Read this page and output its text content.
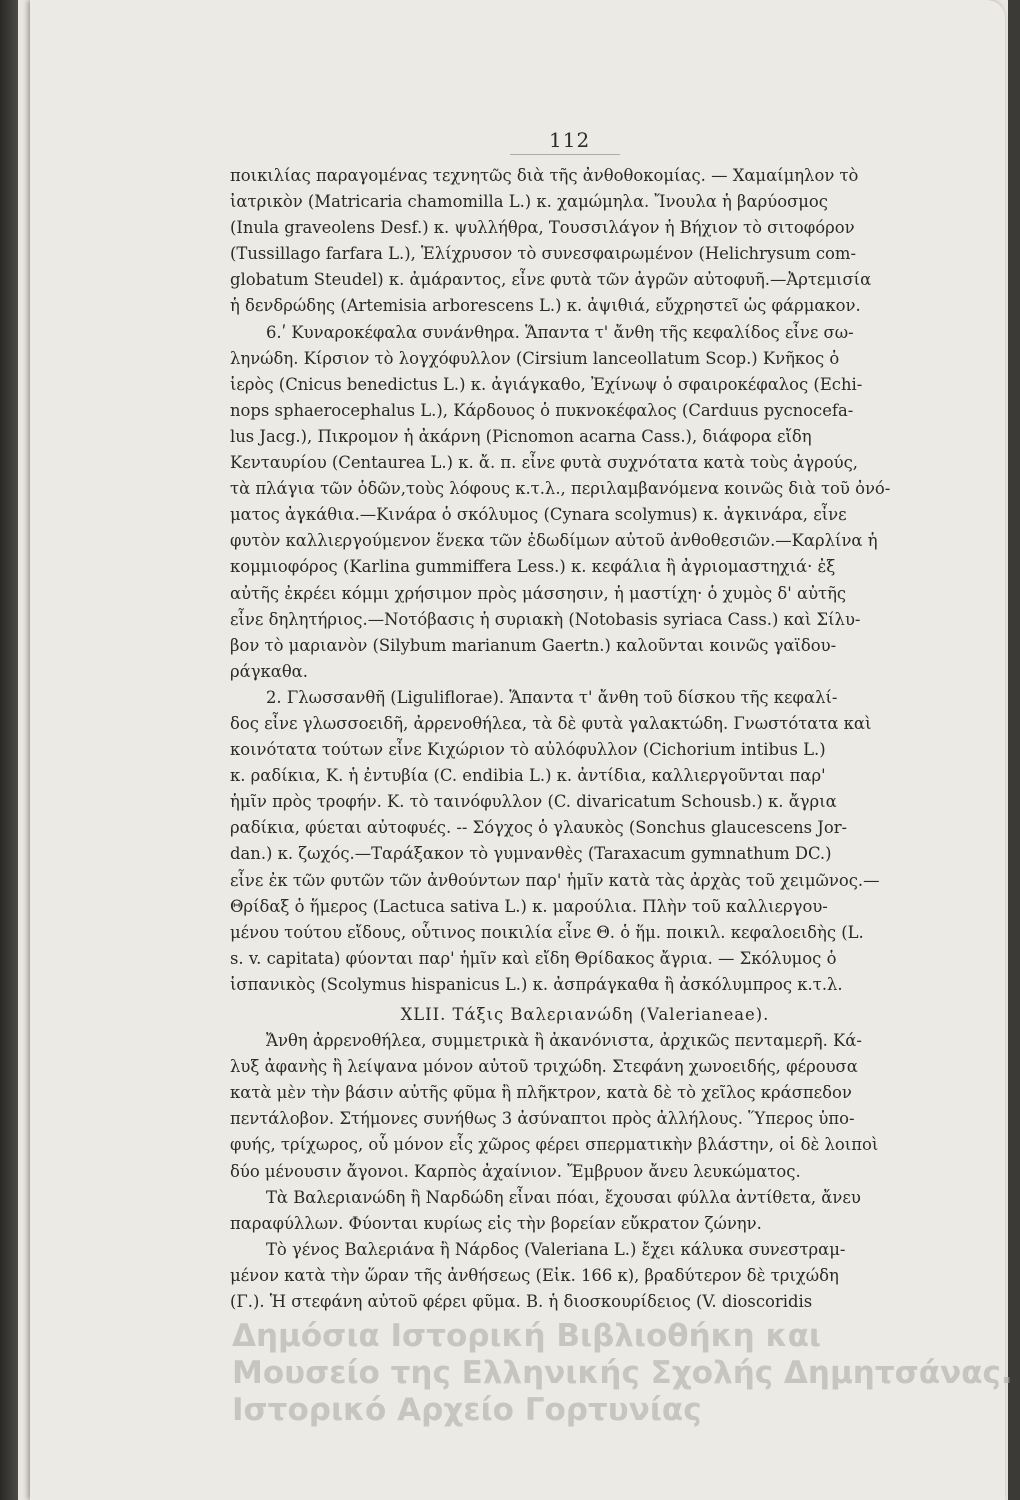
112
ποικιλίας παραγομένας τεχνητῶς διὰ τῆς ἀνθοθοκομίας. — Χαμαίμηλον τὸ
ἰατρικὸν (Matricaria chamomilla L.) κ. χαμώμηλα. Ἴνουλα ἡ βαρύοσμος
(Inula graveolens Desf.) κ. ψυλλήθρα, Τουσσιλάγον ἡ Βήχιον τὸ σιτοφόρον
(Tussillago farfara L.), Ἑλίχρυσον τὸ συνεσφαιρωμένον (Helichrysum com-
globatum Steudel) κ. ἀμάραντος, εἶνε φυτὰ τῶν ἀγρῶν αὐτοφυῆ.—Ἀρτεμισία
ἡ δενδρώδης (Artemisia arborescens L.) κ. ἀψιθιά, εὔχρηστεῖ ὡς φάρμακον.
6.ʹ Κυναροκέφαλα συνάνθηρα. Ἅπαντα τ' ἄνθη τῆς κεφαλίδος εἶνε σω-
ληνώδη. Κίρσιον τὸ λογχόφυλλον (Cirsium lanceollatum Scop.) Κνῆκος ὁ
ἱερὸς (Cnicus benedictus L.) κ. ἀγιάγκαθο, Ἐχίνωψ ὁ σφαιροκέφαλος (Echi-
nops sphaerocephalus L.), Κάρδουος ὁ πυκνοκέφαλος (Carduus pycnocefa-
lus Jacg.), Πικρομον ἡ ἀκάρνη (Picnomon acarna Cass.), διάφορα εἴδη
Κενταυρίου (Centaurea L.) κ. ἄ. π. εἶνε φυτὰ συχνότατα κατὰ τοὺς ἀγρούς,
τὰ πλάγια τῶν ὁδῶν,τοὺς λόφους κ.τ.λ., περιλαμβανόμενα κοινῶς διὰ τοῦ ὀνό-
ματος ἀγκάθια.—Κινάρα ὁ σκόλυμος (Cynara scolymus) κ. ἀγκινάρα, εἶνε
φυτὸν καλλιεργούμενον ἕνεκα τῶν ἐδωδίμων αὐτοῦ ἀνθοθεσιῶν.—Καρλίνα ἡ
κομμιοφόρος (Karlina gummiffera Less.) κ. κεφάλια ἢ ἀγριομαστηχιά· ἐξ
αὐτῆς ἐκρέει κόμμι χρήσιμον πρὸς μάσσησιν, ἡ μαστίχη· ὁ χυμὸς δ' αὐτῆς
εἶνε δηλητήριος.—Νοτόβασις ἡ συριακὴ (Notobasis syriaca Cass.) καὶ Σίλυ-
βον τὸ μαριανὸν (Silybum marianum Gaertn.) καλοῦνται κοινῶς γαϊδου-
ράγκαθα.
2. Γλωσσανθῆ (Liguliflorae). Ἅπαντα τ' ἄνθη τοῦ δίσκου τῆς κεφαλί-
δος εἶνε γλωσσοειδῆ, ἀρρενοθήλεα, τὰ δὲ φυτὰ γαλακτώδη. Γνωστότατα καὶ
κοινότατα τούτων εἶνε Κιχώριον τὸ αὐλόφυλλον (Cichorium intibus L.)
κ. ραδίκια, Κ. ἡ ἐντυβία (C. endibia L.) κ. ἀντίδια, καλλιεργοῦνται παρ'
ἡμῖν πρὸς τροφήν. Κ. τὸ ταινόφυλλον (C. divaricatum Schousb.) κ. ἄγρια
ραδίκια, φύεται αὐτοφυές. -- Σόγχος ὁ γλαυκὸς (Sonchus glaucescens Jor-
dan.) κ. ζωχός.—Ταράξακον τὸ γυμνανθὲς (Taraxacum gymnathum DC.)
εἶνε ἐκ τῶν φυτῶν τῶν ἀνθούντων παρ' ἡμῖν κατὰ τὰς ἀρχὰς τοῦ χειμῶνος.—
Θρίδαξ ὁ ἥμερος (Lactuca sativa L.) κ. μαρούλια. Πλὴν τοῦ καλλιεργου-
μένου τούτου εἴδους, οὗτινος ποικιλία εἶνε Θ. ὁ ἥμ. ποικιλ. κεφαλοειδὴς (L.
s. v. capitata) φύονται παρ' ἡμῖν καὶ εἴδη Θρίδακος ἄγρια. — Σκόλυμος ὁ
ἱσπανικὸς (Scolymus hispanicus L.) κ. ἀσπράγκαθα ἢ ἀσκόλυμπρος κ.τ.λ.
XLII. Τάξις Βαλεριανώδη (Valerianeae).
Ἄνθη ἀρρενοθήλεα, συμμετρικὰ ἢ ἀκανόνιστα, ἀρχικῶς πενταμερῆ. Κά-
λυξ ἀφανὴς ἢ λείψανα μόνον αὐτοῦ τριχώδη. Στεφάνη χωνοειδής, φέρουσα
κατὰ μὲν τὴν βάσιν αὐτῆς φῦμα ἢ πλῆκτρον, κατὰ δὲ τὸ χεῖλος κράσπεδον
πεντάλοβον. Στήμονες συνήθως 3 ἀσύναπτοι πρὸς ἀλλήλους. Ὕπερος ὑπο-
φυής, τρίχωρος, οὗ μόνον εἷς χῶρος φέρει σπερματικὴν βλάστην, οἱ δὲ λοιποὶ
δύο μένουσιν ἄγονοι. Καρπὸς ἀχαίνιον. Ἔμβρυον ἄνευ λευκώματος.
Τὰ Βαλεριανώδη ἢ Ναρδώδη εἶναι πόαι, ἔχουσαι φύλλα ἀντίθετα, ἄνευ
παραφύλλων. Φύονται κυρίως εἰς τὴν βορείαν εὔκρατον ζώνην.
Τὸ γένος Βαλεριάνα ἢ Νάρδος (Valeriana L.) ἔχει κάλυκα συνεστραμ-
μένον κατὰ τὴν ὥραν τῆς ἀνθήσεως (Εἰκ. 166 κ), βραδύτερον δὲ τριχώδη
(Γ.). Ἡ στεφάνη αὐτοῦ φέρει φῦμα. Β. ἡ διοσκουρίδειος (V. dioscoridis
Δημόσια Ιστορική Βιβλιοθήκη και
Μουσείο της Ελληνικής Σχολής Δημητσάνας.
Ιστορικό Αρχείο Γορτυνίας
